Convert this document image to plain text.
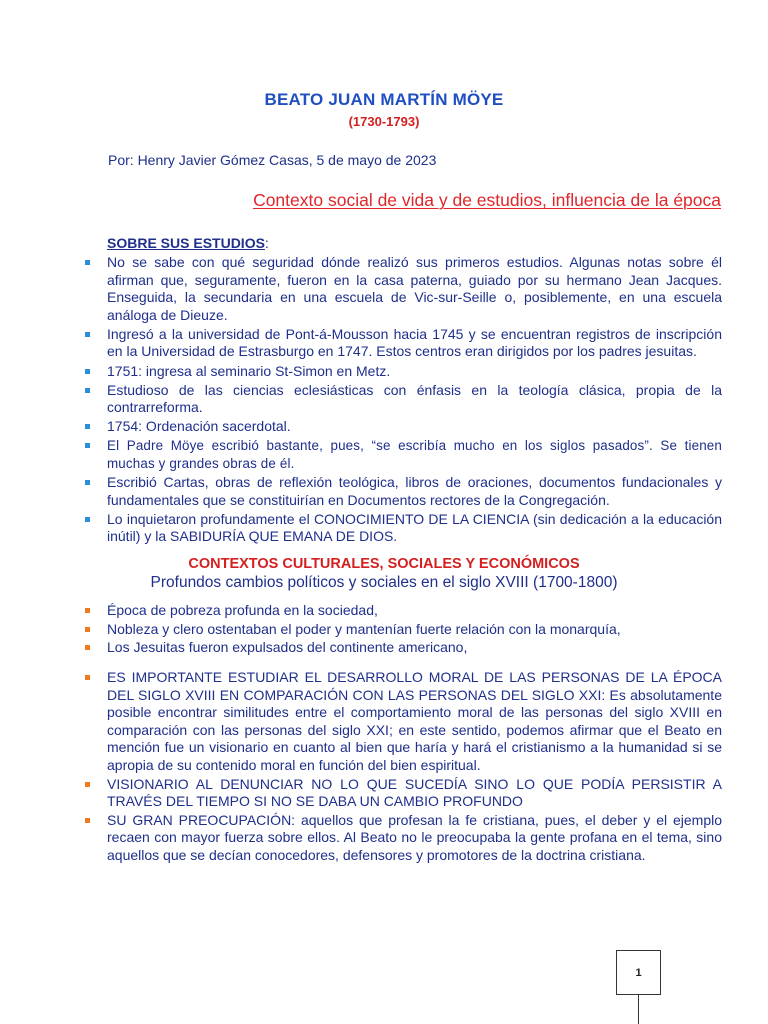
BEATO JUAN MARTÍN MÖYE
(1730-1793)
Por: Henry Javier Gómez Casas, 5 de mayo de 2023
Contexto social de vida y de estudios, influencia de la época
SOBRE SUS ESTUDIOS:
No se sabe con qué seguridad dónde realizó sus primeros estudios. Algunas notas sobre él afirman que, seguramente, fueron en la casa paterna, guiado por su hermano Jean Jacques. Enseguida, la secundaria en una escuela de Vic-sur-Seille o, posiblemente, en una escuela análoga de Dieuze.
Ingresó a la universidad de Pont-á-Mousson hacia 1745 y se encuentran registros de inscripción en la Universidad de Estrasburgo en 1747. Estos centros eran dirigidos por los padres jesuitas.
1751: ingresa al seminario St-Simon en Metz.
Estudioso de las ciencias eclesiásticas con énfasis en la teología clásica, propia de la contrarreforma.
1754: Ordenación sacerdotal.
El Padre Möye escribió bastante, pues, “se escribía mucho en los siglos pasados”. Se tienen muchas y grandes obras de él.
Escribió Cartas, obras de reflexión teológica, libros de oraciones, documentos fundacionales y fundamentales que se constituirían en Documentos rectores de la Congregación.
Lo inquietaron profundamente el CONOCIMIENTO DE LA CIENCIA (sin dedicación a la educación inútil) y la SABIDURÍA QUE EMANA DE DIOS.
CONTEXTOS CULTURALES, SOCIALES Y ECONÓMICOS
Profundos cambios políticos y sociales en el siglo XVIII (1700-1800)
Época de pobreza profunda en la sociedad,
Nobleza y clero ostentaban el poder y mantenían fuerte relación con la monarquía,
Los Jesuitas fueron expulsados del continente americano,
ES IMPORTANTE ESTUDIAR EL DESARROLLO MORAL DE LAS PERSONAS DE LA ÉPOCA DEL SIGLO XVIII EN COMPARACIÓN CON LAS PERSONAS DEL SIGLO XXI: Es absolutamente posible encontrar similitudes entre el comportamiento moral de las personas del siglo XVIII en comparación con las personas del siglo XXI; en este sentido, podemos afirmar que el Beato en mención fue un visionario en cuanto al bien que haría y hará el cristianismo a la humanidad si se apropia de su contenido moral en función del bien espiritual.
VISIONARIO AL DENUNCIAR NO LO QUE SUCEDÍA SINO LO QUE PODÍA PERSISTIR A TRAVÉS DEL TIEMPO SI NO SE DABA UN CAMBIO PROFUNDO
SU GRAN PREOCUPACIÓN: aquellos que profesan la fe cristiana, pues, el deber y el ejemplo recaen con mayor fuerza sobre ellos. Al Beato no le preocupaba la gente profana en el tema, sino aquellos que se decían conocedores, defensores y promotores de la doctrina cristiana.
1
